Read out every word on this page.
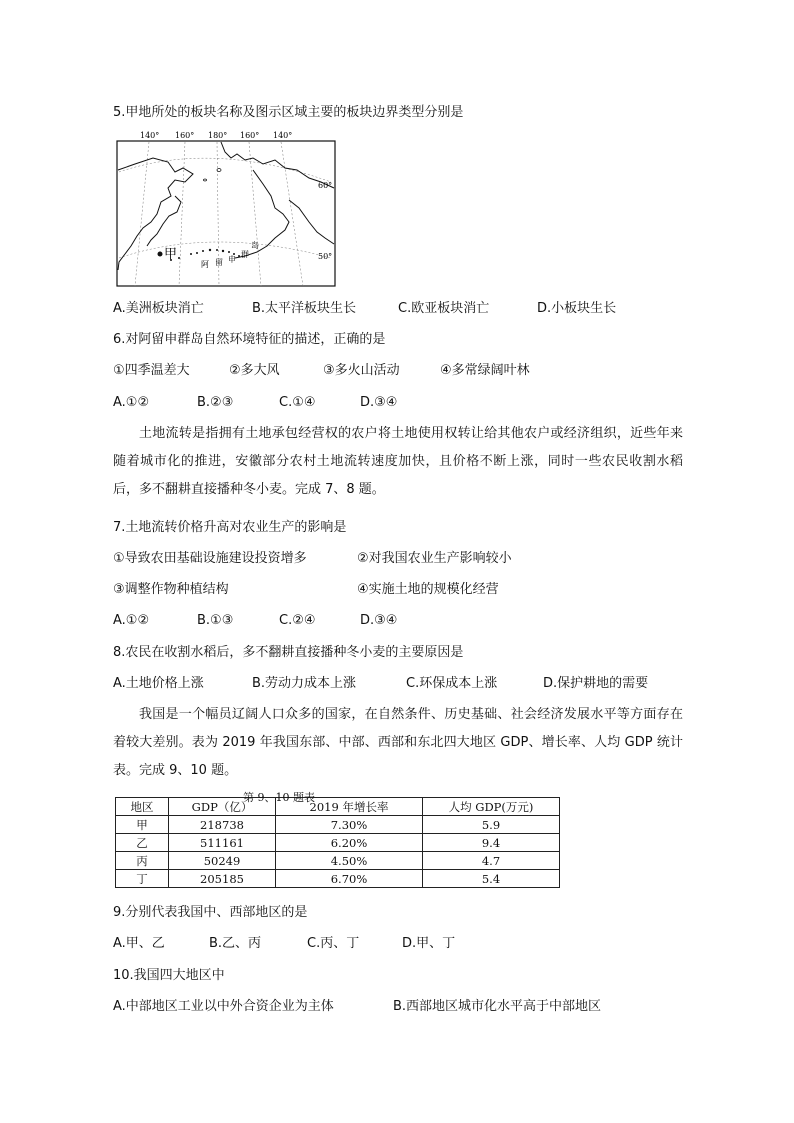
5.甲地所处的板块名称及图示区域主要的板块边界类型分别是
140° 160° 180° 160° 140°
甲
阿 留 申
群
岛
60°
50°
A.美洲板块消亡	B.太平洋板块生长	C.欧亚板块消亡	D.小板块生长
6.对阿留申群岛自然环境特征的描述，正确的是
①四季温差大	②多大风	③多火山活动	④多常绿阔叶林
A.①②	B.②③	C.①④	D.③④

土地流转是指拥有土地承包经营权的农户将土地使用权转让给其他农户或经济组织，近些年来随着城市化的推进，安徽部分农村土地流转速度加快，且价格不断上涨，同时一些农民收割水稻后，多不翻耕直接播种冬小麦。完成 7、8 题。

7.土地流转价格升高对农业生产的影响是
①导致农田基础设施建设投资增多	②对我国农业生产影响较小
③调整作物种植结构	④实施土地的规模化经营
A.①②	B.①③	C.②④	D.③④
8.农民在收割水稻后，多不翻耕直接播种冬小麦的主要原因是
A.土地价格上涨	B.劳动力成本上涨	C.环保成本上涨	D.保护耕地的需要

我国是一个幅员辽阔人口众多的国家，在自然条件、历史基础、社会经济发展水平等方面存在着较大差别。表为 2019 年我国东部、中部、西部和东北四大地区 GDP、增长率、人均 GDP 统计表。完成 9、10 题。

地区	GDP（亿）	2019 年增长率	人均 GDP(万元)
甲	218738	7.30%	5.9
乙	511161	6.20%	9.4
丙	50249	4.50%	4.7
丁	205185	6.70%	5.4
第 9、10 题表
9.分别代表我国中、西部地区的是
A.甲、乙	B.乙、丙	C.丙、丁	D.甲、丁
10.我国四大地区中
A.中部地区工业以中外合资企业为主体	B.西部地区城市化水平高于中部地区
